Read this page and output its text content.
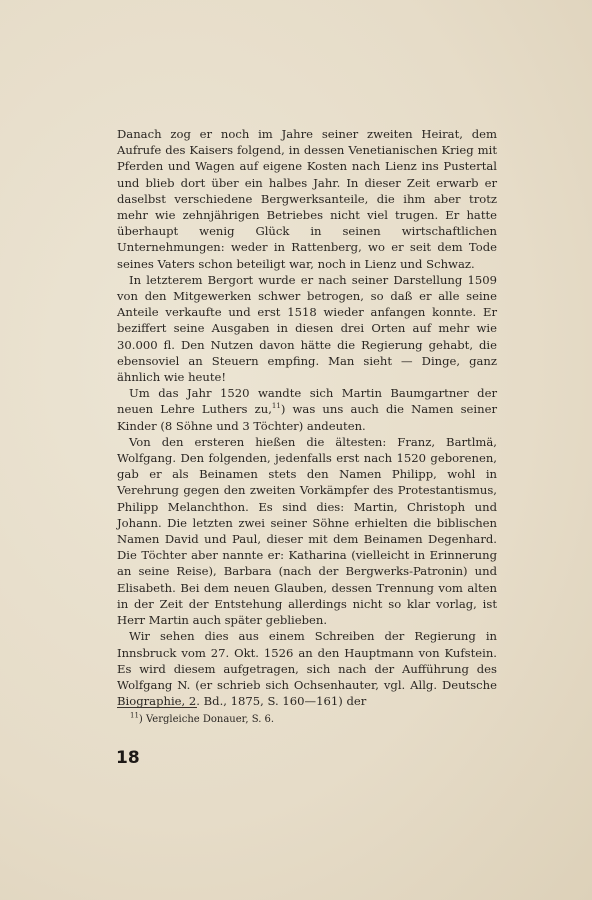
Danach zog er noch im Jahre seiner zweiten Heirat, dem Aufrufe des Kaisers folgend, in dessen Venetianischen Krieg mit Pferden und Wagen auf eigene Kosten nach Lienz ins Pustertal und blieb dort über ein halbes Jahr. In dieser Zeit erwarb er daselbst verschiedene Bergwerksanteile, die ihm aber trotz mehr wie zehnjährigen Betriebes nicht viel trugen. Er hatte überhaupt wenig Glück in seinen wirtschaftlichen Unternehmungen: weder in Rattenberg, wo er seit dem Tode seines Vaters schon beteiligt war, noch in Lienz und Schwaz.

In letzterem Bergort wurde er nach seiner Darstellung 1509 von den Mitgewerken schwer betrogen, so daß er alle seine Anteile verkaufte und erst 1518 wieder anfangen konnte. Er beziffert seine Ausgaben in diesen drei Orten auf mehr wie 30.000 fl. Den Nutzen davon hätte die Regierung gehabt, die ebensoviel an Steuern empfing. Man sieht — Dinge, ganz ähnlich wie heute!

Um das Jahr 1520 wandte sich Martin Baumgartner der neuen Lehre Luthers zu,$^{11}$) was uns auch die Namen seiner Kinder (8 Söhne und 3 Töchter) andeuten.

Von den ersteren hießen die ältesten: Franz, Bartlmä, Wolfgang. Den folgenden, jedenfalls erst nach 1520 geborenen, gab er als Beinamen stets den Namen Philipp, wohl in Verehrung gegen den zweiten Vorkämpfer des Protestantismus, Philipp Melanchthon. Es sind dies: Martin, Christoph und Johann. Die letzten zwei seiner Söhne erhielten die biblischen Namen David und Paul, dieser mit dem Beinamen Degenhard. Die Töchter aber nannte er: Katharina (vielleicht in Erinnerung an seine Reise), Barbara (nach der Bergwerks-Patronin) und Elisabeth. Bei dem neuen Glauben, dessen Trennung vom alten in der Zeit der Entstehung allerdings nicht so klar vorlag, ist Herr Martin auch später geblieben.

Wir sehen dies aus einem Schreiben der Regierung in Innsbruck vom 27. Okt. 1526 an den Hauptmann von Kufstein. Es wird diesem aufgetragen, sich nach der Aufführung des Wolfgang N. (er schrieb sich Ochsenhauter, vgl. Allg. Deutsche Biographie, 2. Bd., 1875, S. 160—161) der

$^{11}$) Vergleiche Donauer, S. 6.
18
